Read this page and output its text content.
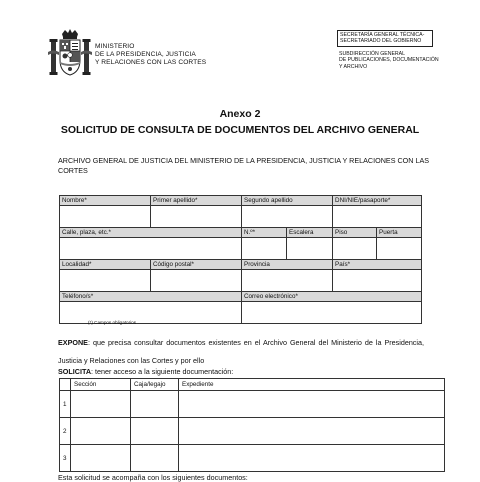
MINISTERIO
DE LA PRESIDENCIA, JUSTICIA
Y RELACIONES CON LAS CORTES
SECRETARÍA GENERAL TÉCNICA-
SECRETARIADO DEL GOBIERNO
SUBDIRECCIÓN GENERAL
DE PUBLICACIONES, DOCUMENTACIÓN
Y ARCHIVO
Anexo 2
SOLICITUD DE CONSULTA DE DOCUMENTOS DEL ARCHIVO GENERAL
ARCHIVO GENERAL DE JUSTICIA DEL MINISTERIO DE LA PRESIDENCIA, JUSTICIA Y RELACIONES CON LAS CORTES
Nombre*	Primer apellido*	Segundo apellido		DNI/NIE/pasaporte*	

Calle, plaza, etc.*		N.º*	Escalera	Piso	Puerta

Localidad*	Código postal*	Provincia		País*	

Teléfono/s*		Correo electrónico*			

(*) Campos obligatorios
EXPONE: que precisa consultar documentos existentes en el Archivo General del Ministerio de la Presidencia, Justicia y Relaciones con las Cortes y por ello
SOLICITA: tener acceso a la siguiente documentación:
	Sección	Caja/legajo	Expediente
1			
2			
3			
Esta solicitud se acompaña con los siguientes documentos:
